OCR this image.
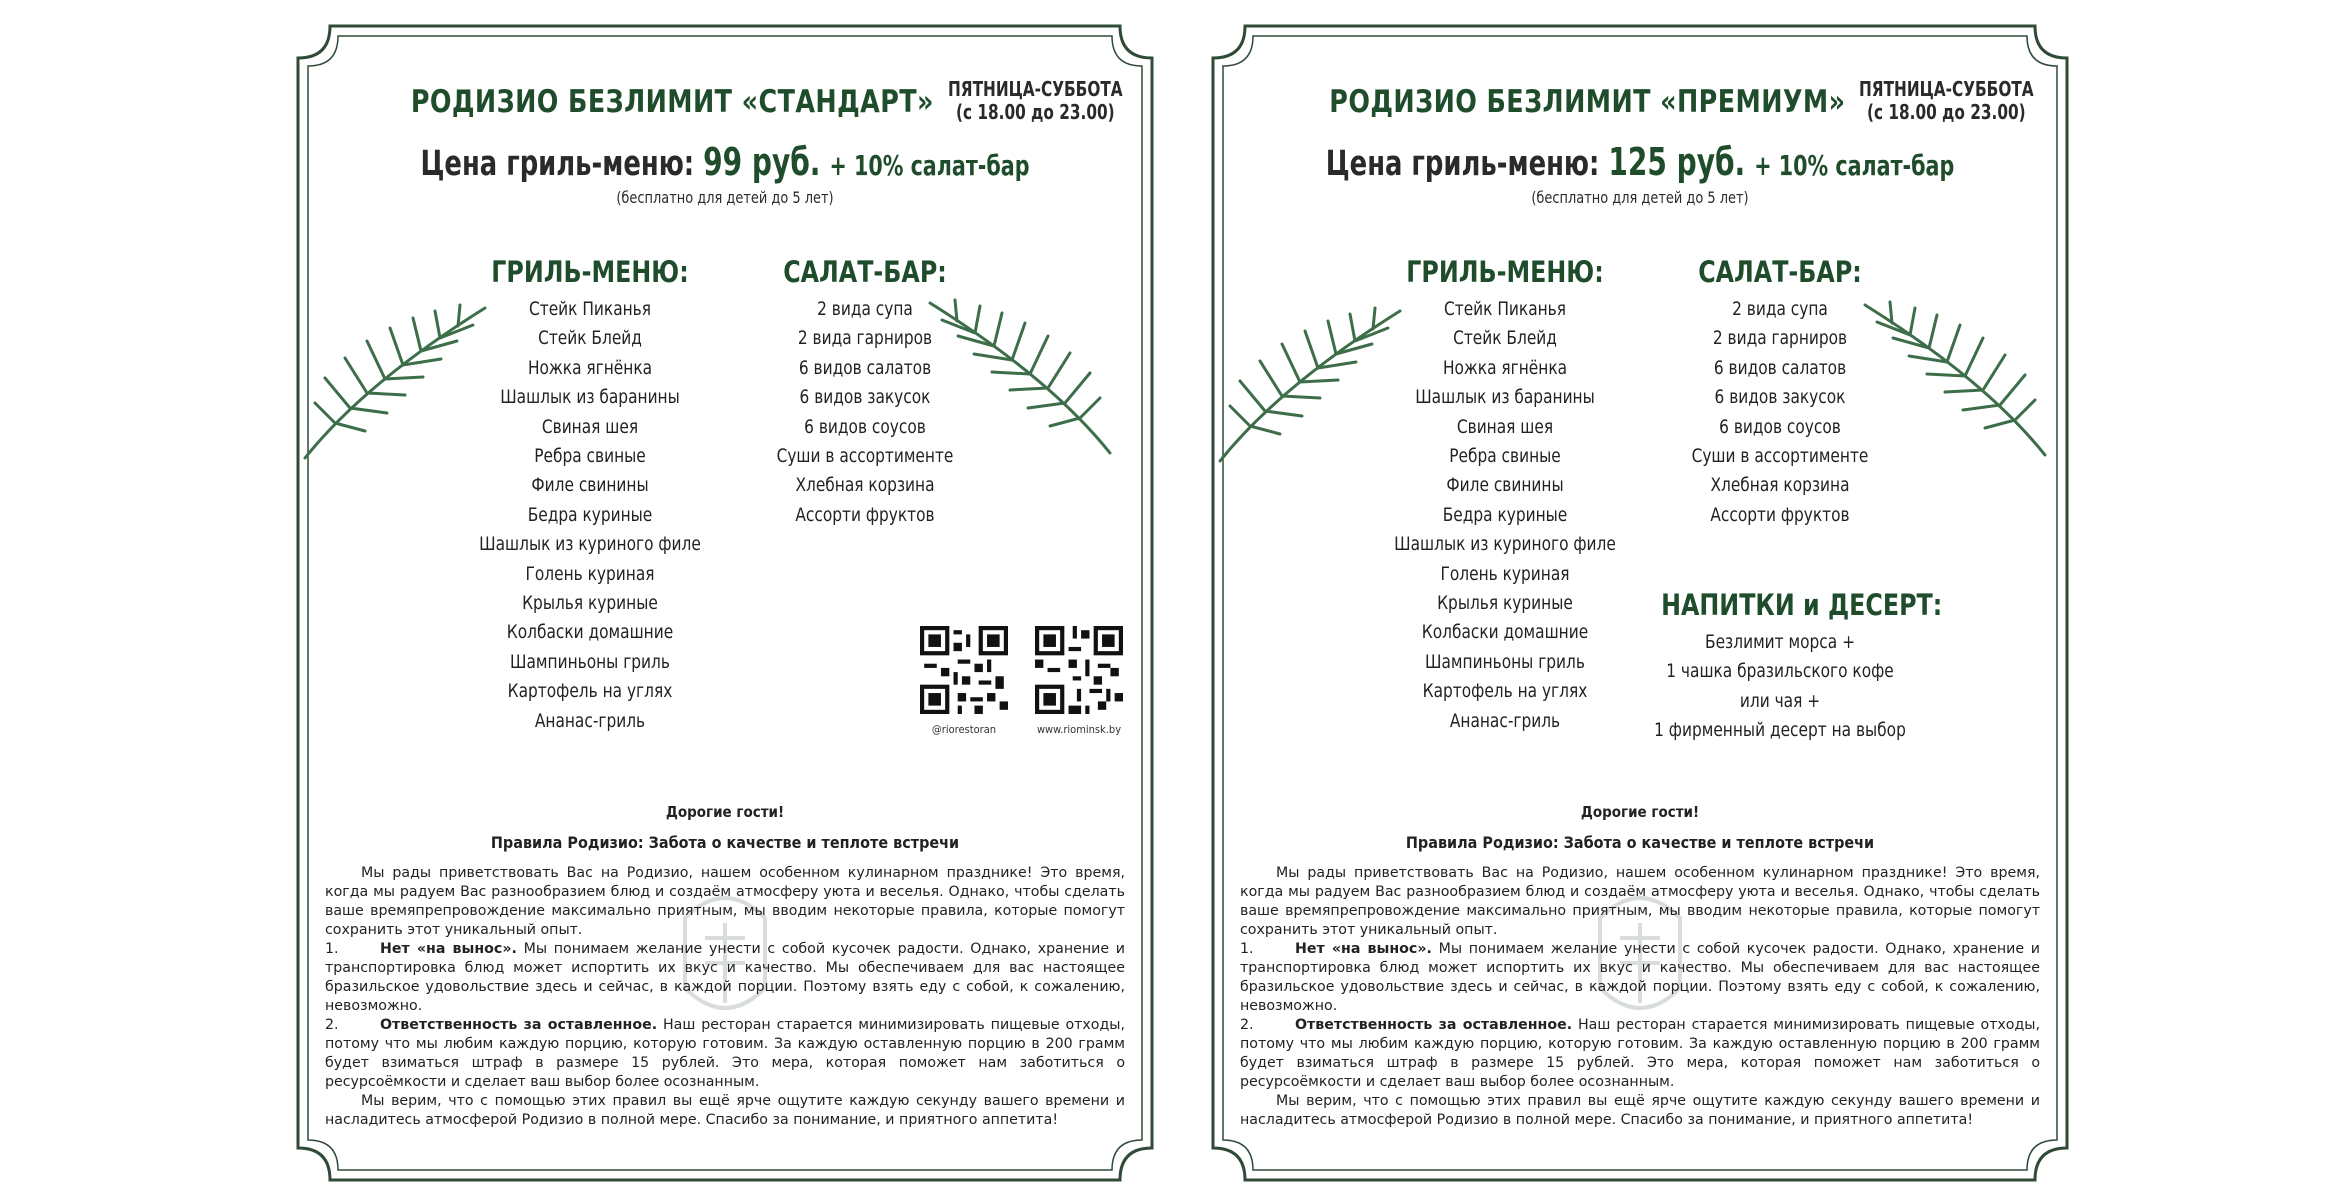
РОДИЗИО БЕЗЛИМИТ «СТАНДАРТ» ПЯТНИЦА-СУББОТА
(с 18.00 до 23.00)
Цена гриль-меню: 99 руб. + 10% салат-бар
(бесплатно для детей до 5 лет)
ГРИЛЬ-МЕНЮ:
Стейк Пиканья
Стейк Блейд
Ножка ягнёнка
Шашлык из баранины
Свиная шея
Ребра свиные
Филе свинины
Бедра куриные
Шашлык из куриного филе
Голень куриная
Крылья куриные
Колбаски домашние
Шампиньоны гриль
Картофель на углях
Ананас-гриль
САЛАТ-БАР:
2 вида супа
2 вида гарниров
6 видов салатов
6 видов закусок
6 видов соусов
Суши в ассортименте
Хлебная корзина
Ассорти фруктов
@riorestoran	www.riominsk.by
Дорогие гости!
Правила Родизио: Забота о качестве и теплоте встречи

Мы рады приветствовать Вас на Родизио, нашем особенном кулинарном празднике! Это время, когда мы радуем Вас разнообразием блюд и создаём атмосферу уюта и веселья. Однако, чтобы сделать ваше времяпрепровождение максимально приятным, мы вводим некоторые правила, которые помогут сохранить этот уникальный опыт.

1.	Нет «на вынос». Мы понимаем желание унести с собой кусочек радости. Однако, хранение и транспортировка блюд может испортить их вкус и качество. Мы обеспечиваем для вас настоящее бразильское удовольствие здесь и сейчас, в каждой порции. Поэтому взять еду с собой, к сожалению, невозможно.

2.	Ответственность за оставленное. Наш ресторан старается минимизировать пищевые отходы, потому что мы любим каждую порцию, которую готовим. За каждую оставленную порцию в 200 грамм будет взиматься штраф в размере 15 рублей. Это мера, которая поможет нам заботиться о ресурсоёмкости и сделает ваш выбор более осознанным.

Мы верим, что с помощью этих правил вы ещё ярче ощутите каждую секунду вашего времени и насладитесь атмосферой Родизио в полной мере. Спасибо за понимание, и приятного аппетита!

РОДИЗИО БЕЗЛИМИТ «ПРЕМИУМ» ПЯТНИЦА-СУББОТА
(с 18.00 до 23.00)
Цена гриль-меню: 125 руб. + 10% салат-бар
(бесплатно для детей до 5 лет)
ГРИЛЬ-МЕНЮ:
Стейк Пиканья
Стейк Блейд
Ножка ягнёнка
Шашлык из баранины
Свиная шея
Ребра свиные
Филе свинины
Бедра куриные
Шашлык из куриного филе
Голень куриная
Крылья куриные
Колбаски домашние
Шампиньоны гриль
Картофель на углях
Ананас-гриль
САЛАТ-БАР:
2 вида супа
2 вида гарниров
6 видов салатов
6 видов закусок
6 видов соусов
Суши в ассортименте
Хлебная корзина
Ассорти фруктов
НАПИТКИ и ДЕСЕРТ:
Безлимит морса +
1 чашка бразильского кофе
или чая +
1 фирменный десерт на выбор
Дорогие гости!
Правила Родизио: Забота о качестве и теплоте встречи

Мы рады приветствовать Вас на Родизио, нашем особенном кулинарном празднике! Это время, когда мы радуем Вас разнообразием блюд и создаём атмосферу уюта и веселья. Однако, чтобы сделать ваше времяпрепровождение максимально приятным, мы вводим некоторые правила, которые помогут сохранить этот уникальный опыт.

1.	Нет «на вынос». Мы понимаем желание унести с собой кусочек радости. Однако, хранение и транспортировка блюд может испортить их вкус и качество. Мы обеспечиваем для вас настоящее бразильское удовольствие здесь и сейчас, в каждой порции. Поэтому взять еду с собой, к сожалению, невозможно.

2.	Ответственность за оставленное. Наш ресторан старается минимизировать пищевые отходы, потому что мы любим каждую порцию, которую готовим. За каждую оставленную порцию в 200 грамм будет взиматься штраф в размере 15 рублей. Это мера, которая поможет нам заботиться о ресурсоёмкости и сделает ваш выбор более осознанным.

Мы верим, что с помощью этих правил вы ещё ярче ощутите каждую секунду вашего времени и насладитесь атмосферой Родизио в полной мере. Спасибо за понимание, и приятного аппетита!
